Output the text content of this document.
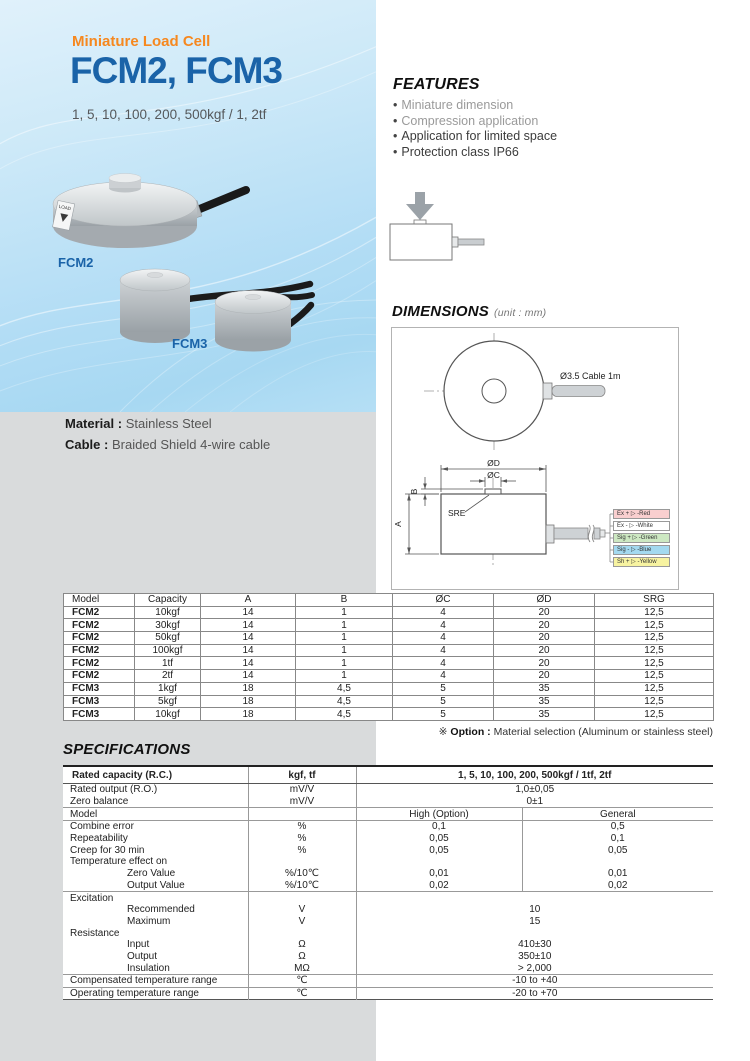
Miniature Load Cell
FCM2, FCM3
1, 5, 10, 100, 200, 500kgf / 1, 2tf
LOAD
FCM2
FCM3
Material : Stainless Steel
Cable : Braided Shield 4-wire cable
FEATURES
• Miniature dimension
• Compression application
• Application for limited space
• Protection class IP66
DIMENSIONS (unit : mm)
Ø3.5 Cable 1m
ØD
ØC
B
A
SRE	Ex + ▷ -Red
Ex - ▷ -White
Sig + ▷ -Green
Sig - ▷ -Blue
Sh + ▷ -Yellow
Model	Capacity	A	B	ØC	ØD	SRG
FCM2	10kgf	14	1	4	20	12,5
FCM2	30kgf	14	1	4	20	12,5
FCM2	50kgf	14	1	4	20	12,5
FCM2	100kgf	14	1	4	20	12,5
FCM2	1tf	14	1	4	20	12,5
FCM2	2tf	14	1	4	20	12,5
FCM3	1kgf	18	4,5	5	35	12,5
FCM3	5kgf	18	4,5	5	35	12,5
FCM3	10kgf	18	4,5	5	35	12,5
※ Option : Material selection (Aluminum or stainless steel)
SPECIFICATIONS
Rated capacity (R.C.)	kgf, tf	1, 5, 10, 100, 200, 500kgf / 1tf, 2tf	
Rated output (R.O.)	mV/V	1,0±0,05	
Zero balance	mV/V	0±1	
Model		High (Option)	General
Combine error	%	0,1	0,5
Repeatability	%	0,05	0,1
Creep for 30 min	%	0,05	0,05
Temperature effect on			
Zero Value	%/10℃	0,01	0,01
Output Value	%/10℃	0,02	0,02
Excitation			
Recommended	V	10	
Maximum	V	15	
Resistance			
Input	Ω	410±30	
Output	Ω	350±10	
Insulation	MΩ	> 2,000	
Compensated temperature range	℃	-10 to +40	
Operating temperature range	℃	-20 to +70	
